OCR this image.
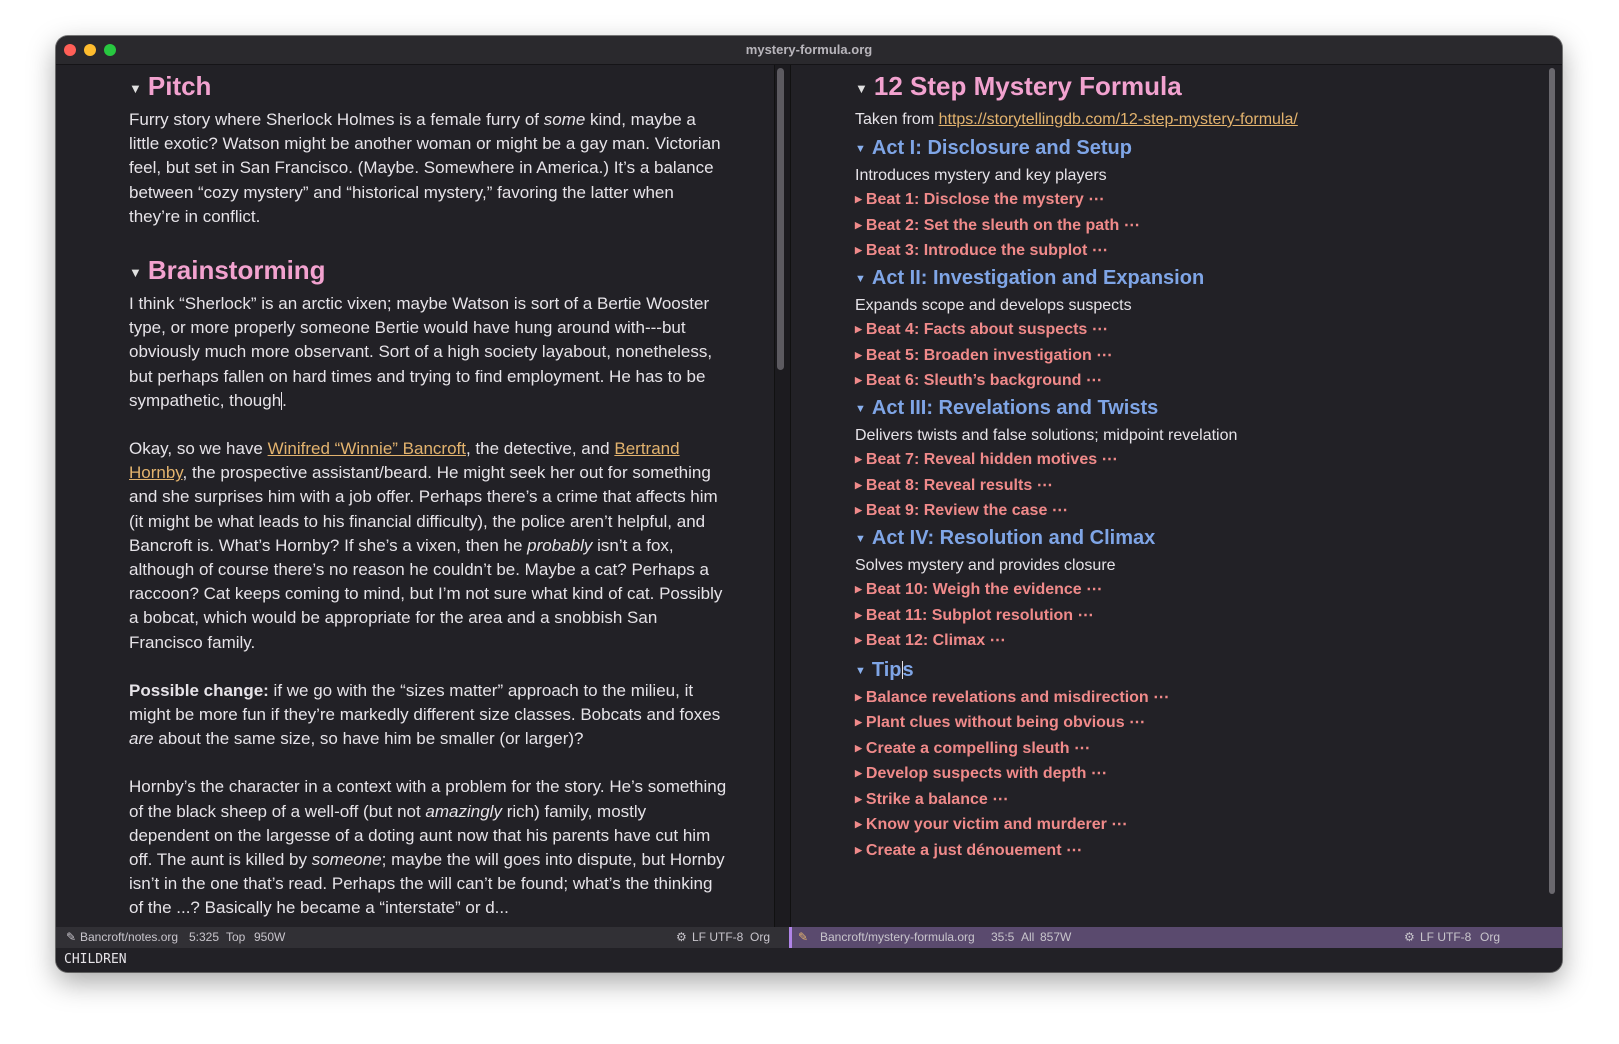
mystery-formula.org
▼ Pitch

Furry story where Sherlock Holmes is a female furry of some kind, maybe a little exotic? Watson might be another woman or might be a gay man. Victorian feel, but set in San Francisco. (Maybe. Somewhere in America.) It’s a balance between “cozy mystery” and “historical mystery,” favoring the latter when they’re in conflict.

▼ Brainstorming

I think “Sherlock” is an arctic vixen; maybe Watson is sort of a Bertie Wooster type, or more properly someone Bertie would have hung around with---but obviously much more observant. Sort of a high society layabout, nonetheless, but perhaps fallen on hard times and trying to find employment. He has to be sympathetic, though.

Okay, so we have Winifred “Winnie” Bancroft, the detective, and Bertrand Hornby, the prospective assistant/beard. He might seek her out for something and she surprises him with a job offer. Perhaps there’s a crime that affects him (it might be what leads to his financial difficulty), the police aren’t helpful, and Bancroft is. What’s Hornby? If she’s a vixen, then he probably isn’t a fox, although of course there’s no reason he couldn’t be. Maybe a cat? Perhaps a raccoon? Cat keeps coming to mind, but I’m not sure what kind of cat. Possibly a bobcat, which would be appropriate for the area and a snobbish San Francisco family.

Possible change: if we go with the “sizes matter” approach to the milieu, it might be more fun if they’re markedly different size classes. Bobcats and foxes are about the same size, so have him be smaller (or larger)?

Hornby’s the character in a context with a problem for the story. He’s something of the black sheep of a well-off (but not amazingly rich) family, mostly dependent on the largesse of a doting aunt now that his parents have cut him off. The aunt is killed by someone; maybe the will goes into dispute, but Hornby isn’t in the one that’s read. Perhaps the will can’t be found; what’s the thinking of the ...? Basically he became a “interstate” or d...

▼ 12 Step Mystery Formula
Taken from https://storytellingdb.com/12-step-mystery-formula/
▼ Act I: Disclosure and Setup
Introduces mystery and key players
▶ Beat 1: Disclose the mystery ⋯
▶ Beat 2: Set the sleuth on the path ⋯
▶ Beat 3: Introduce the subplot ⋯
▼ Act II: Investigation and Expansion
Expands scope and develops suspects
▶ Beat 4: Facts about suspects ⋯
▶ Beat 5: Broaden investigation ⋯
▶ Beat 6: Sleuth’s background ⋯
▼ Act III: Revelations and Twists
Delivers twists and false solutions; midpoint revelation
▶ Beat 7: Reveal hidden motives ⋯
▶ Beat 8: Reveal results ⋯
▶ Beat 9: Review the case ⋯
▼ Act IV: Resolution and Climax
Solves mystery and provides closure
▶ Beat 10: Weigh the evidence ⋯
▶ Beat 11: Subplot resolution ⋯
▶ Beat 12: Climax ⋯
▼ Tips
▶ Balance revelations and misdirection ⋯
▶ Plant clues without being obvious ⋯
▶ Create a compelling sleuth ⋯
▶ Develop suspects with depth ⋯
▶ Strike a balance ⋯
▶ Know your victim and murderer ⋯
▶ Create a just dénouement ⋯
✎ Bancroft/notes.org 5:325 Top 950W	⚙ LF UTF-8 Org ✎ Bancroft/mystery-formula.org 35:5 All 857W	⚙ LF UTF-8 Org
CHILDREN
